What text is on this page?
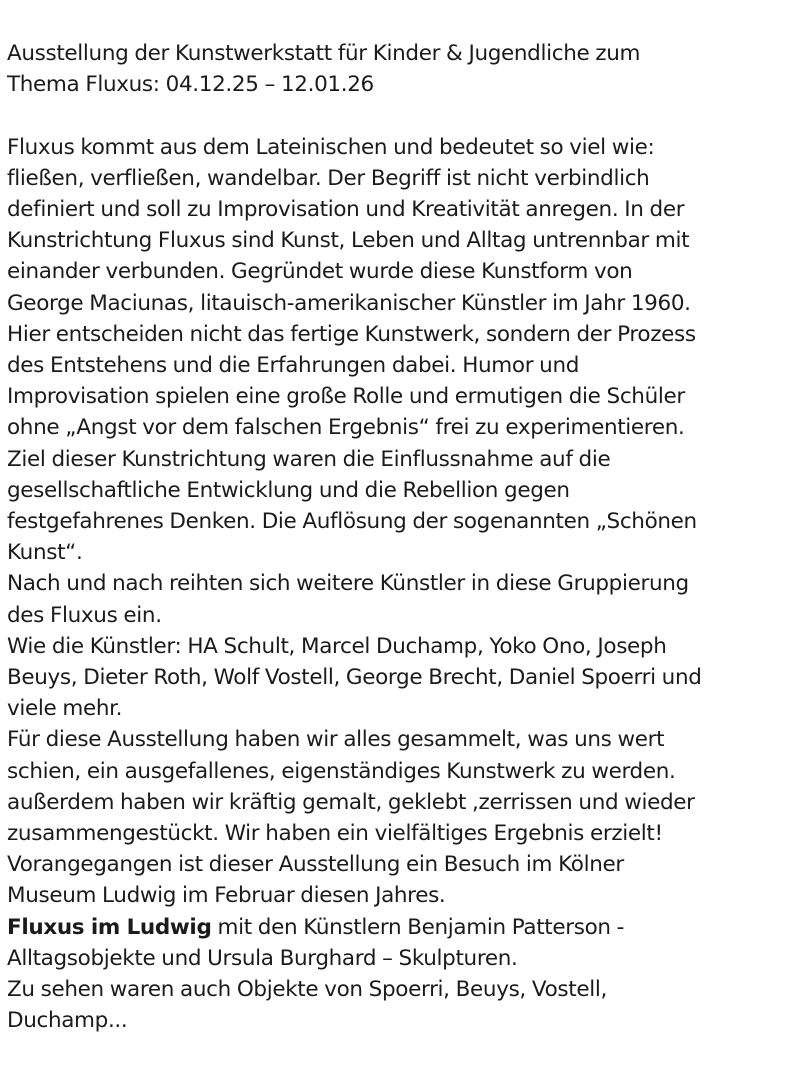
Ausstellung der Kunstwerkstatt für Kinder & Jugendliche zum
Thema Fluxus: 04.12.25 – 12.01.26
Fluxus kommt aus dem Lateinischen und bedeutet so viel wie:
fließen, verfließen, wandelbar. Der Begriff ist nicht verbindlich
definiert und soll zu Improvisation und Kreativität anregen. In der
Kunstrichtung Fluxus sind Kunst, Leben und Alltag untrennbar mit
einander verbunden. Gegründet wurde diese Kunstform von
George Maciunas, litauisch-amerikanischer Künstler im Jahr 1960.
Hier entscheiden nicht das fertige Kunstwerk, sondern der Prozess
des Entstehens und die Erfahrungen dabei. Humor und
Improvisation spielen eine große Rolle und ermutigen die Schüler
ohne „Angst vor dem falschen Ergebnis“ frei zu experimentieren.
Ziel dieser Kunstrichtung waren die Einflussnahme auf die
gesellschaftliche Entwicklung und die Rebellion gegen
festgefahrenes Denken. Die Auflösung der sogenannten „Schönen
Kunst“.
Nach und nach reihten sich weitere Künstler in diese Gruppierung
des Fluxus ein.
Wie die Künstler: HA Schult, Marcel Duchamp, Yoko Ono, Joseph
Beuys, Dieter Roth, Wolf Vostell, George Brecht, Daniel Spoerri und
viele mehr.
Für diese Ausstellung haben wir alles gesammelt, was uns wert
schien, ein ausgefallenes, eigenständiges Kunstwerk zu werden.
außerdem haben wir kräftig gemalt, geklebt ,zerrissen und wieder
zusammengestückt. Wir haben ein vielfältiges Ergebnis erzielt!
Vorangegangen ist dieser Ausstellung ein Besuch im Kölner
Museum Ludwig im Februar diesen Jahres.
Fluxus im Ludwig mit den Künstlern Benjamin Patterson -
Alltagsobjekte und Ursula Burghard – Skulpturen.
Zu sehen waren auch Objekte von Spoerri, Beuys, Vostell,
Duchamp...
